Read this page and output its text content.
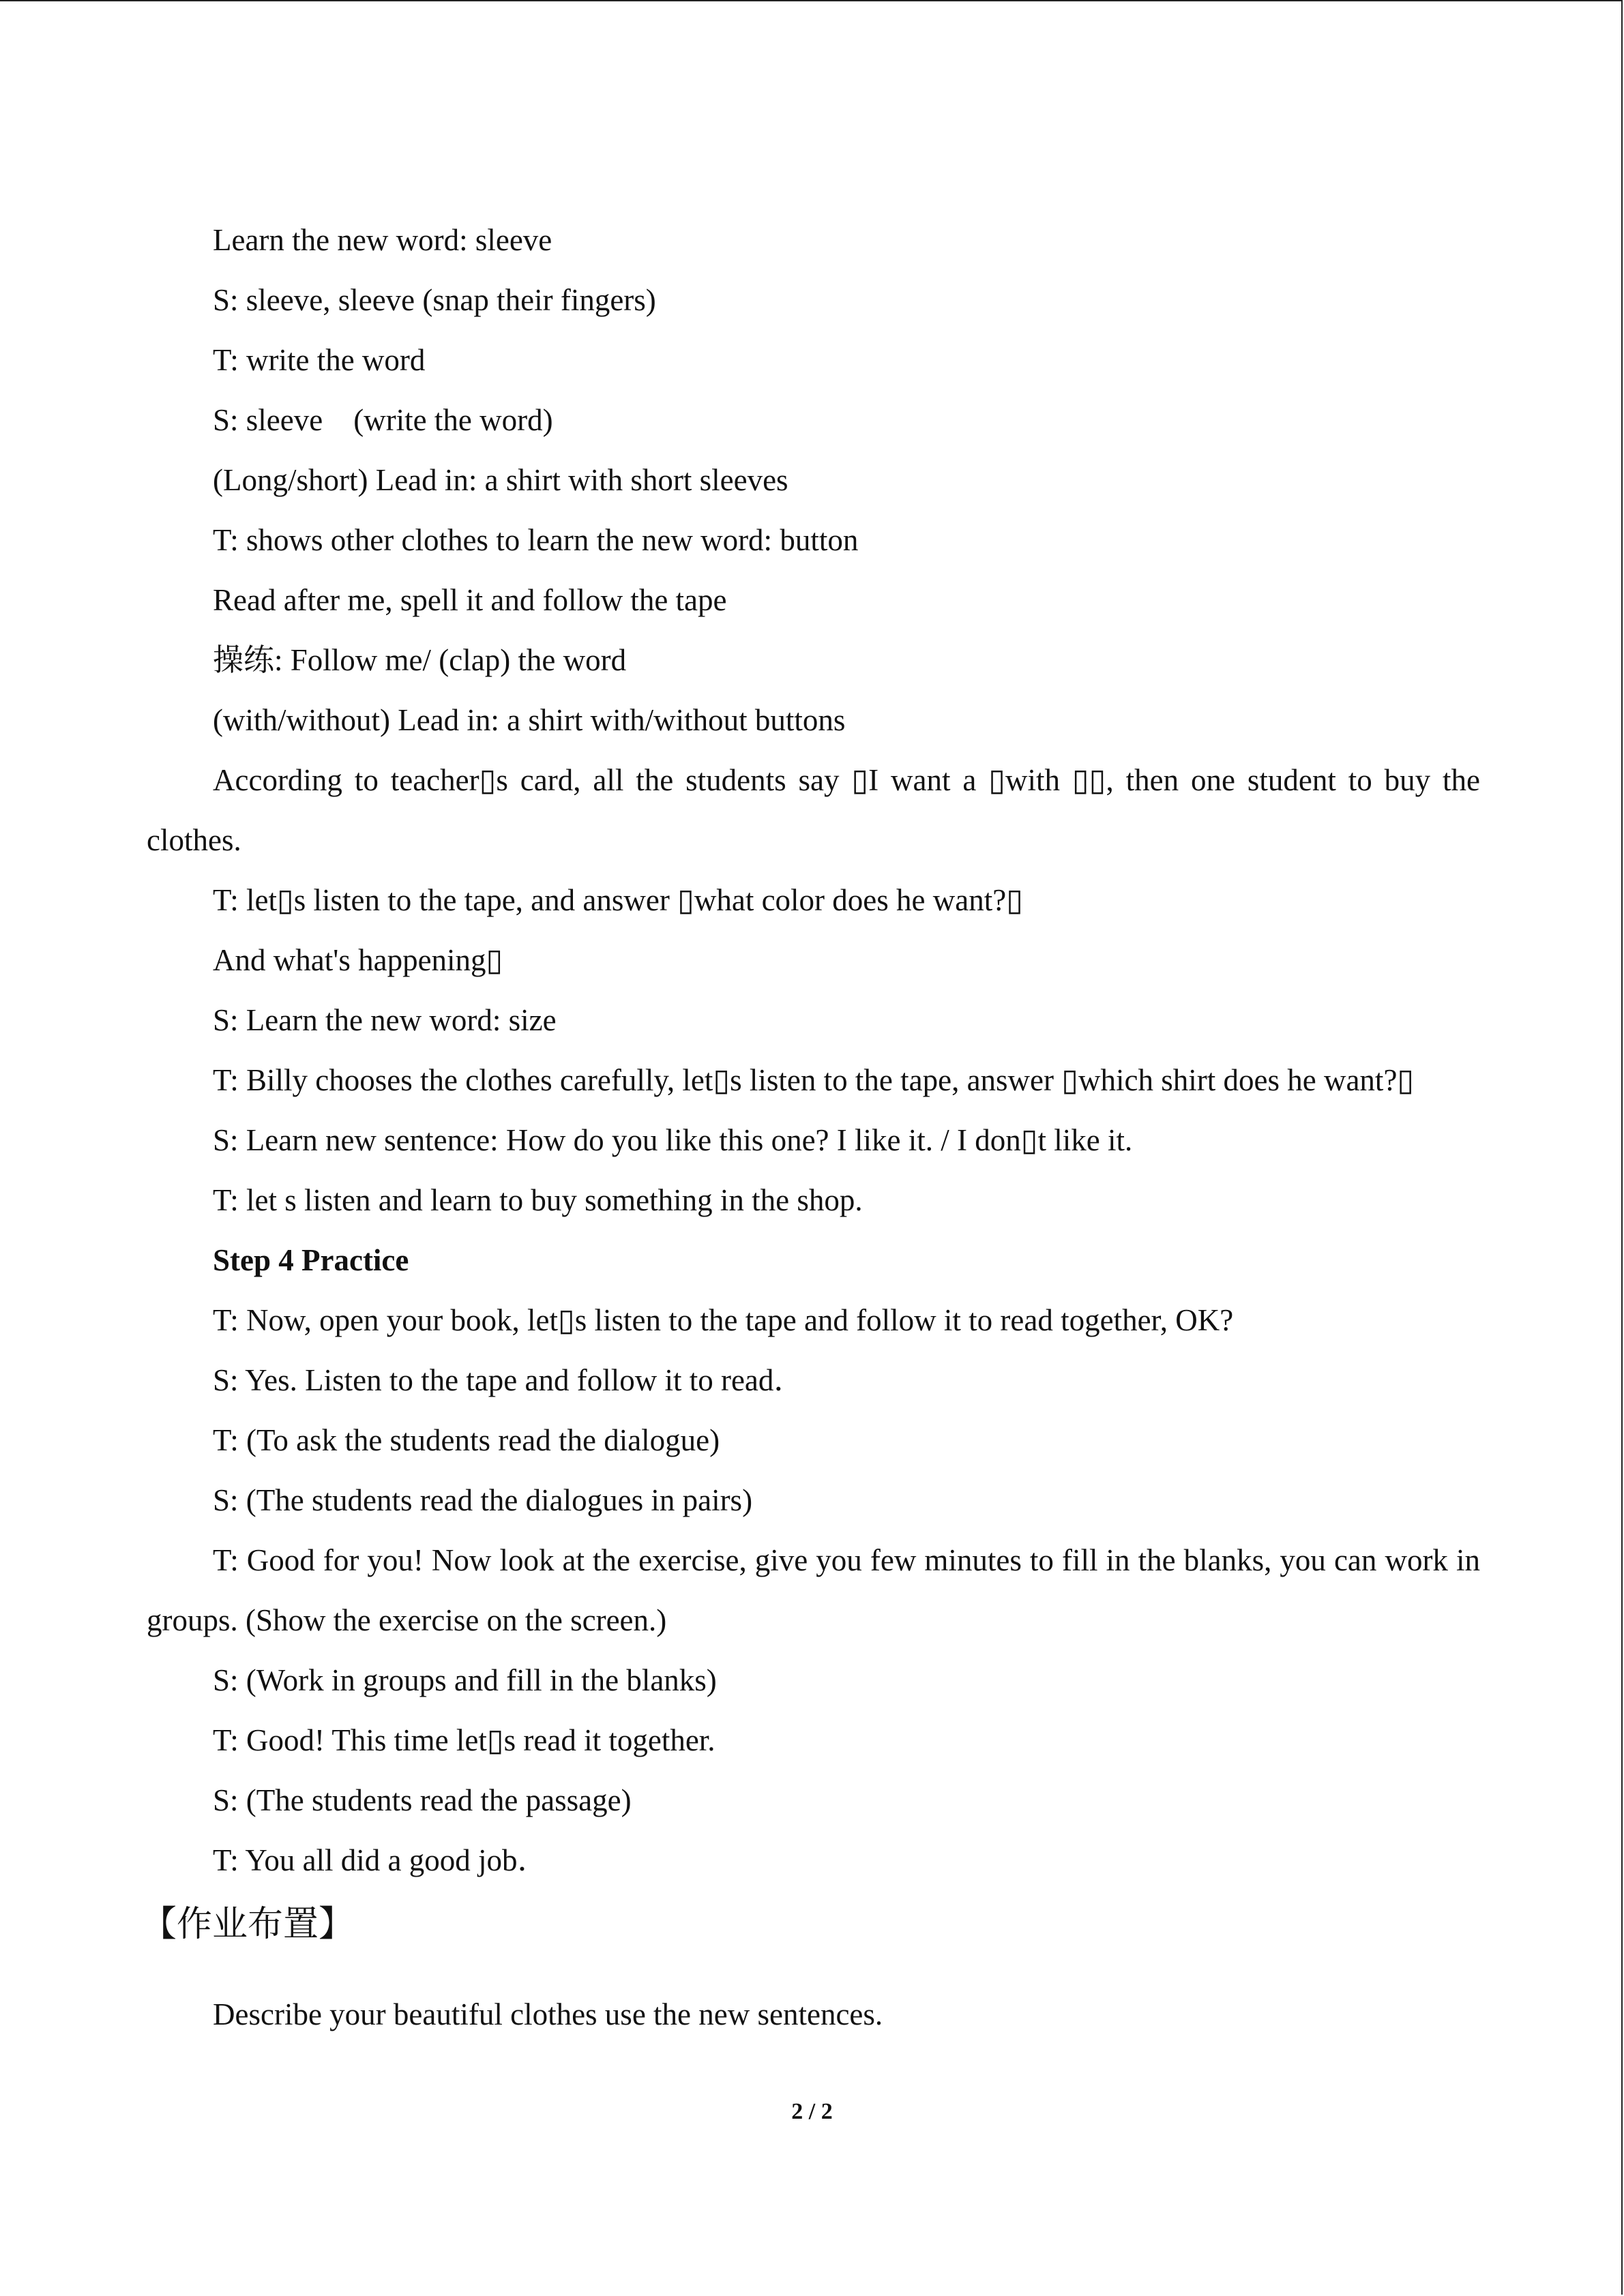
Learn the new word: sleeve
S: sleeve, sleeve (snap their fingers)
T: write the word
S: sleeve    (write the word)
(Long/short) Lead in: a shirt with short sleeves
T: shows other clothes to learn the new word: button
Read after me, spell it and follow the tape
操练: Follow me/ (clap) the word
(with/without) Lead in: a shirt with/without buttons
According to teacher▯s card, all the students say ▯I want a ▯with ▯▯, then one student to buy the clothes.
T: let▯s listen to the tape, and answer ▯what color does he want?▯
And what's happening▯
S: Learn the new word: size
T: Billy chooses the clothes carefully, let▯s listen to the tape, answer ▯which shirt does he want?▯
S: Learn new sentence: How do you like this one? I like it. / I don▯t like it.
T: let s listen and learn to buy something in the shop.
Step 4 Practice
T: Now, open your book, let▯s listen to the tape and follow it to read together, OK?
S: Yes. Listen to the tape and follow it to read．
T: (To ask the students read the dialogue)
S: (The students read the dialogues in pairs)
T: Good for you! Now look at the exercise, give you few minutes to fill in the blanks, you can work in groups. (Show the exercise on the screen.)
S: (Work in groups and fill in the blanks)
T: Good! This time let▯s read it together.
S: (The students read the passage)
T: You all did a good job．
【作业布置】
Describe your beautiful clothes use the new sentences.
2 / 2
